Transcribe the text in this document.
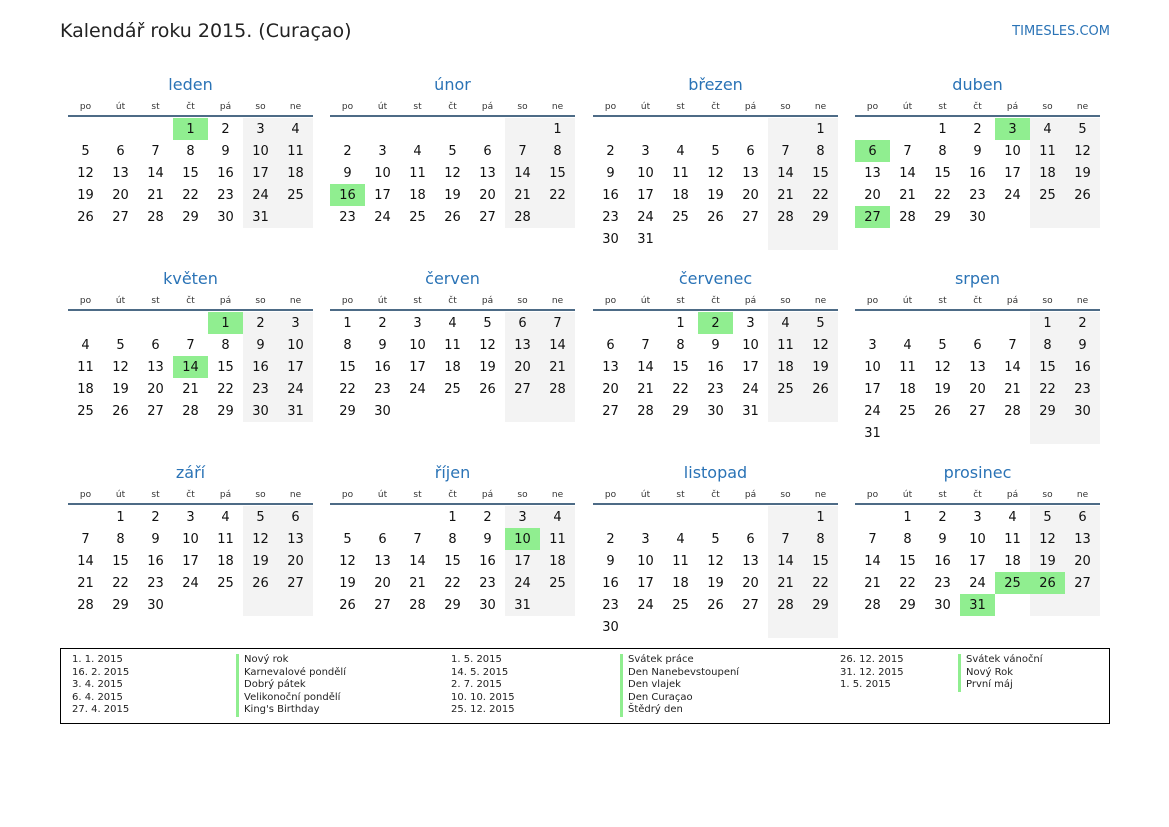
Kalendář roku 2015. (Curaçao)	TIMESLES.COM
leden
po	út	st	čt	pá	so	ne

			1	2	3	4
5	6	7	8	9	10	11
12	13	14	15	16	17	18
19	20	21	22	23	24	25
26	27	28	29	30	31	
únor
po	út	st	čt	pá	so	ne

						1
2	3	4	5	6	7	8
9	10	11	12	13	14	15
16	17	18	19	20	21	22
23	24	25	26	27	28	
březen
po	út	st	čt	pá	so	ne

						1
2	3	4	5	6	7	8
9	10	11	12	13	14	15
16	17	18	19	20	21	22
23	24	25	26	27	28	29
30	31					
duben
po	út	st	čt	pá	so	ne

		1	2	3	4	5
6	7	8	9	10	11	12
13	14	15	16	17	18	19
20	21	22	23	24	25	26
27	28	29	30			
květen
po	út	st	čt	pá	so	ne

				1	2	3
4	5	6	7	8	9	10
11	12	13	14	15	16	17
18	19	20	21	22	23	24
25	26	27	28	29	30	31
červen
po	út	st	čt	pá	so	ne

1	2	3	4	5	6	7
8	9	10	11	12	13	14
15	16	17	18	19	20	21
22	23	24	25	26	27	28
29	30					
červenec
po	út	st	čt	pá	so	ne

		1	2	3	4	5
6	7	8	9	10	11	12
13	14	15	16	17	18	19
20	21	22	23	24	25	26
27	28	29	30	31		
srpen
po	út	st	čt	pá	so	ne

					1	2
3	4	5	6	7	8	9
10	11	12	13	14	15	16
17	18	19	20	21	22	23
24	25	26	27	28	29	30
31						
září
po	út	st	čt	pá	so	ne

	1	2	3	4	5	6
7	8	9	10	11	12	13
14	15	16	17	18	19	20
21	22	23	24	25	26	27
28	29	30				
říjen
po	út	st	čt	pá	so	ne

			1	2	3	4
5	6	7	8	9	10	11
12	13	14	15	16	17	18
19	20	21	22	23	24	25
26	27	28	29	30	31	
listopad
po	út	st	čt	pá	so	ne

						1
2	3	4	5	6	7	8
9	10	11	12	13	14	15
16	17	18	19	20	21	22
23	24	25	26	27	28	29
30						
prosinec
po	út	st	čt	pá	so	ne

	1	2	3	4	5	6
7	8	9	10	11	12	13
14	15	16	17	18	19	20
21	22	23	24	25	26	27
28	29	30	31			
1. 1. 2015	Nový rok
16. 2. 2015	Karnevalové pondělí
3. 4. 2015	Dobrý pátek
6. 4. 2015	Velikonoční pondělí
27. 4. 2015	King's Birthday
1. 5. 2015	Svátek práce
14. 5. 2015	Den Nanebevstoupení
2. 7. 2015	Den vlajek
10. 10. 2015	Den Curaçao
25. 12. 2015	Štědrý den
26. 12. 2015	Svátek vánoční
31. 12. 2015	Nový Rok
1. 5. 2015	První máj
